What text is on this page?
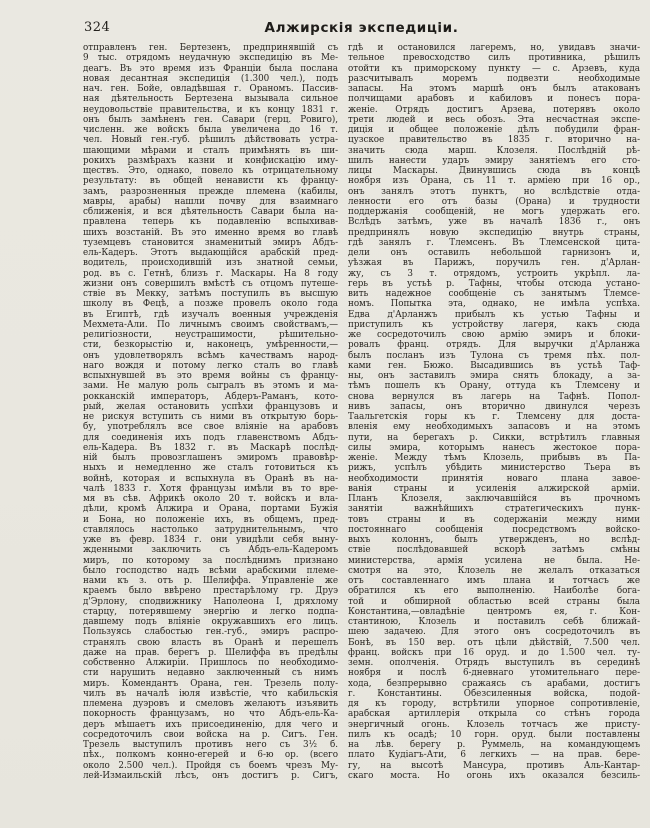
324	Алжирскія экспедиціи.
отправленъ ген. Бертезенъ, предпринявшій съ
9 тыс. отрядомъ неудачную экспедицію въ Ме-
деагъ. Въ это время изъ Франціи была послана
новая десантная экспедиція (1.300 чел.), подъ
нач. ген. Бойе, овладѣвшая г. Ораномъ. Пассив-
ная дѣятельность Бертезена вызывала сильное
неудовольствіе правительства, и къ концу 1831 г.
онъ былъ замѣненъ ген. Савари (герц. Ровиго),
численн. же войскъ была увеличена до 16 т.
чел. Новый ген.-губ. рѣшилъ дѣйствовать устра-
шающими мѣрами и сталъ примѣнять въ ши-
рокихъ размѣрахъ казни и конфискацію иму-
ществъ. Это, однако, повело къ отрицательному
результату: въ общей ненависти къ францу-
замъ, разрозненныя прежде племена (кабилы,
мавры, арабы) нашли почву для взаимнаго
сближенія, и вся дѣятельность Савари была на-
правлена теперь къ подавленію вспыхивав-
шихъ возстаній. Въ это именно время во главѣ
туземцевъ становится знаменитый эмиръ Абдъ-
ель-Кадеръ. Этотъ выдающійся арабскій пред-
водитель, происходившій изъ знатной семьи,
род. въ с. Гетнѣ, близъ г. Маскары. На 8 году
жизни онъ совершилъ вмѣстѣ съ отцомъ путеше-
ствіе въ Мекку, затѣмъ поступилъ въ высшую
школу въ Фецѣ, а позже провелъ около года
въ Египтѣ, гдѣ изучалъ военныя учрежденія
Мехмета-Али. По личнымъ своимъ свойствамъ,—
религіозности, неустрашимости, рѣшительно-
сти, безкорыстію и, наконецъ, умѣренности,—
онъ удовлетворялъ всѣмъ качествамъ народ-
наго вождя и потому легко сталъ во главѣ
вспыхнувшей въ это время войны съ францу-
зами. Не малую роль сыгралъ въ этомъ и ма-
рокканскій императоръ, Абдеръ-Раманъ, кото-
рый, желая остановить успѣхи французовъ и
не рискуя вступить съ ними въ открытую борь-
бу, употреблялъ все свое вліяніе на арабовъ
для соединенія ихъ подъ главенствомъ Абдъ-
ель-Кадера. Въ 1832 г. въ Маскарѣ послѣд-
ній былъ провозглашенъ эмиромъ правовѣр-
ныхъ и немедленно же сталъ готовиться къ
войнѣ, которая и вспыхнула въ Оранѣ въ на-
чалѣ 1833 г. Хотя французы имѣли въ то вре-
мя въ сѣв. Африкѣ около 20 т. войскъ и вла-
дѣли, кромѣ Алжира и Орана, портами Бужія
и Бона, но положеніе ихъ, въ общемъ, пред-
ставлялось настолько затруднительнымъ, что
уже въ февр. 1834 г. они увидѣли себя выну-
жденными заключить съ Абдъ-ель-Кадеромъ
миръ, по которому за послѣднимъ признано
было господство надъ всѣми арабскими племе-
нами къ з. отъ р. Шелиффа. Управленіе же
краемъ было ввѣрено престарѣлому гр. Друэ
д'Эрлону, сподвижнику Наполеона I, дряхлому
старцу, потерявшему энергію и легко подпа-
давшему подъ вліяніе окружавшихъ его лицъ.
Пользуясь слабостью ген.-губ., эмиръ распро-
странялъ свою власть въ Оранѣ и перешелъ
даже на прав. берегъ р. Шелиффа въ предѣлы
собственно Алжиріи. Пришлось по необходимо-
сти нарушить недавно заключенный съ нимъ
миръ. Комендантъ Орана, ген. Трезель полу-
чилъ въ началѣ іюля извѣстіе, что кабильскія
племена дуэровъ и смеловъ желаютъ изъявить
покорность французамъ, но что Абдъ-ель-Ка-
деръ мѣшаетъ ихъ присоединенію, для чего и
сосредоточилъ свои войска на р. Сигъ. Ген.
Трезель выступилъ противъ него съ 3½ б.
пѣх., полкомъ конно-егерей и 6-ю ор. (всего
около 2.500 чел.). Пройдя съ боемъ чрезъ Му-
лей-Измаильскій лѣсъ, онъ достигъ р. Сигъ,
гдѣ и остановился лагеремъ, но, увидавъ значи-
тельное превосходство силъ противника, рѣшилъ
отойти къ приморскому пункту — с. Арзевъ, куда
разсчитывалъ моремъ подвезти необходимые
запасы. На этомъ маршѣ онъ былъ атакованъ
полчищами арабовъ и кабиловъ и понесъ пора-
женіе. Отрядъ достигъ Арзева, потерявъ около
трети людей и весь обозъ. Эта несчастная экспе-
диція и общее положеніе дѣлъ побудили фран-
цузское правительство въ 1835 г. вторично на-
значить сюда марш. Клозеля. Послѣдній рѣ-
шилъ нанести ударъ эмиру занятіемъ его сто-
лицы Маскары. Двинувшись сюда въ концѣ
ноября изъ Орана, съ 11 т. арміею при 16 ор.,
онъ занялъ этотъ пунктъ, но вслѣдствіе отда-
ленности его отъ базы (Орана) и трудности
поддержанія сообщеній, не могъ удержать его.
Вслѣдъ затѣмъ, уже въ началѣ 1836 г., онъ
предпринялъ новую экспедицію внутрь страны,
гдѣ занялъ г. Тлемсенъ. Въ Тлемсенской цита-
дели онъ оставилъ небольшой гарнизонъ и,
уѣзжая въ Парижъ, поручилъ ген. д'Арлан-
жу, съ 3 т. отрядомъ, устроить укрѣпл. ла-
герь въ устьѣ р. Тафны, чтобы отсюда устано-
вить надежное сообщеніе съ занятымъ Тлемсе-
номъ. Попытка эта, однако, не имѣла успѣха.
Едва д'Арланжъ прибылъ къ устью Тафны и
приступилъ къ устройству лагеря, какъ сюда
же сосредоточилъ свою армію эмиръ и блоки-
ровалъ франц. отрядъ. Для выручки д'Арланжа
былъ посланъ изъ Тулона съ тремя пѣх. пол-
ками ген. Бюжо. Высадившись въ устьѣ Таф-
ны, онъ заставилъ эмира снять блокаду, а за-
тѣмъ пошелъ къ Орану, оттуда къ Тлемсену и
снова вернулся въ лагерь на Тафнѣ. Попол-
нивъ запасы, онъ вторично двинулся черезъ
Таальгетскія горы къ г. Тлемсену для доста-
вленія ему необходимыхъ запасовъ и на этомъ
пути, на берегахъ р. Сикки, встрѣтилъ главныя
силы эмира, которымъ нанесъ жестокое пора-
женіе. Между тѣмъ Клозель, прибывъ въ Па-
рижъ, успѣлъ убѣдить министерство Тьера въ
необходимости принятія новаго плана завое-
ванія страны и усиленія алжирской арміи.
Планъ Клозеля, заключавшійся въ прочномъ
занятіи важнѣйшихъ стратегическихъ пунк-
товъ страны и въ содержаніи между ними
постояннаго сообщенія посредствомъ войско-
выхъ колоннъ, былъ утвержденъ, но вслѣд-
ствіе послѣдовавшей вскорѣ затѣмъ смѣны
министерства, армія усилена не была. Не-
смотря на это, Клозель не желалъ отказаться
отъ составленнаго имъ плана и тотчасъ же
обратился къ его выполненію. Наиболѣе бога-
той и обширной областью всей страны была
Константина,—овладѣніе центромъ ея, г. Кон-
стантиною, Клозель и поставилъ себѣ ближай-
шею задачею. Для этого онъ сосредоточилъ въ
Бонѣ, въ 150 вер. отъ цѣли дѣйствій, 7.500 чел.
франц. войскъ при 16 оруд. и до 1.500 чел. ту-
земн. ополченія. Отрядъ выступилъ въ серединѣ
ноября и послѣ 6-дневнаго утомительнаго пере-
хода, безпрерывно сражаясь съ арабами, достигъ
г. Константины. Обезсиленныя войска, подой-
дя къ городу, встрѣтили упорное сопротивленіе,
арабская артиллерія открыла со стѣнъ города
энергичный огонь. Клозель тотчасъ же присту-
пилъ къ осадѣ; 10 горн. оруд. были поставлены
на лѣв. берегу р. Руммель, на командующемъ
плато Кудіагъ-Ати, 6 легкихъ — на прав. бере-
гу, на высотѣ Мансура, противъ Аль-Кантар-
скаго моста. Но огонь ихъ оказался безсиль-
